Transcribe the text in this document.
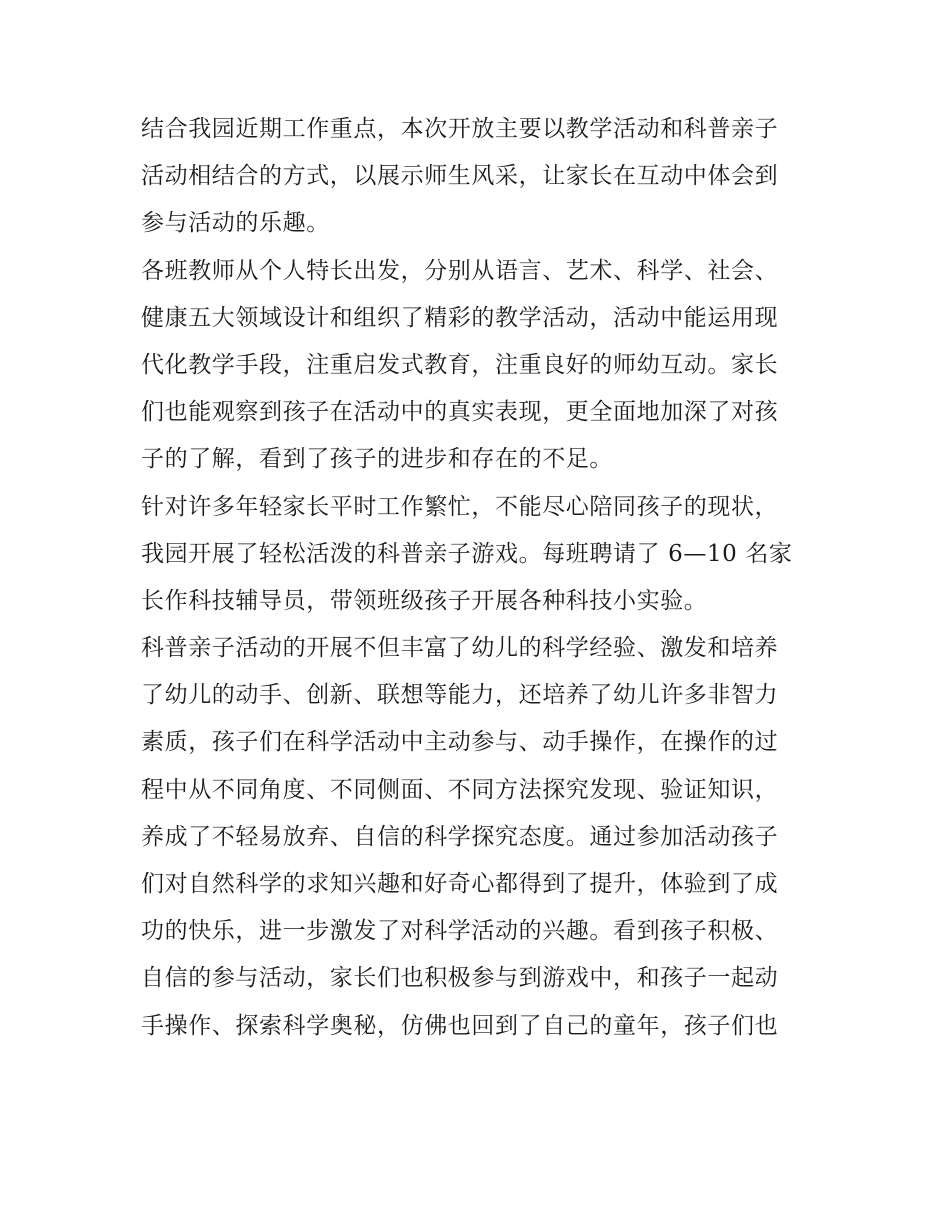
结合我园近期工作重点，本次开放主要以教学活动和科普亲子
活动相结合的方式，以展示师生风采，让家长在互动中体会到
参与活动的乐趣。
各班教师从个人特长出发，分别从语言、艺术、科学、社会、
健康五大领域设计和组织了精彩的教学活动，活动中能运用现
代化教学手段，注重启发式教育，注重良好的师幼互动。家长
们也能观察到孩子在活动中的真实表现，更全面地加深了对孩
子的了解，看到了孩子的进步和存在的不足。
针对许多年轻家长平时工作繁忙，不能尽心陪同孩子的现状，
我园开展了轻松活泼的科普亲子游戏。每班聘请了 6—10 名家
长作科技辅导员，带领班级孩子开展各种科技小实验。
科普亲子活动的开展不但丰富了幼儿的科学经验、激发和培养
了幼儿的动手、创新、联想等能力，还培养了幼儿许多非智力
素质，孩子们在科学活动中主动参与、动手操作，在操作的过
程中从不同角度、不同侧面、不同方法探究发现、验证知识，
养成了不轻易放弃、自信的科学探究态度。通过参加活动孩子
们对自然科学的求知兴趣和好奇心都得到了提升，体验到了成
功的快乐，进一步激发了对科学活动的兴趣。看到孩子积极、
自信的参与活动，家长们也积极参与到游戏中，和孩子一起动
手操作、探索科学奥秘，仿佛也回到了自己的童年，孩子们也
